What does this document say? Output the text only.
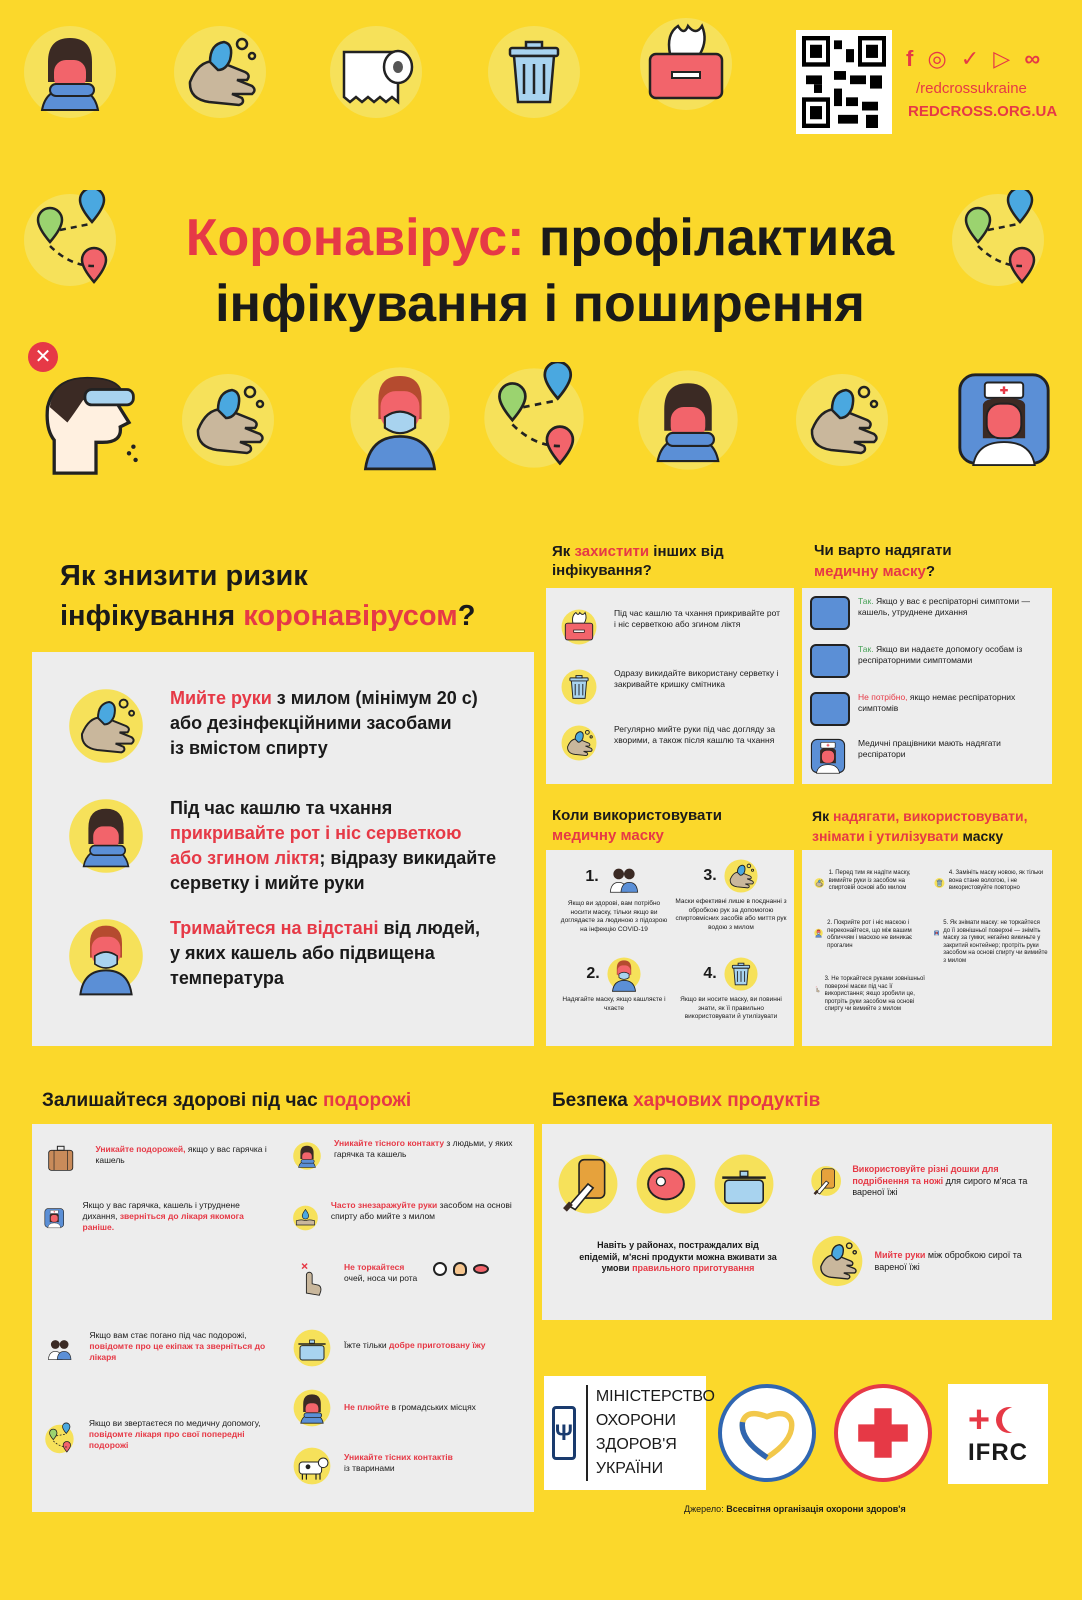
f ◎ ✓ ▷ ∞
/redcrossukraine
REDCROSS.ORG.UA
Коронавірус: профілактика
інфікування і поширення
✕
Як знизити ризик
інфікування коронавірусом?
Мийте руки з милом (мінімум 20 с)
або дезінфекційними засобами
із вмістом спирту
Під час кашлю та чхання
прикривайте рот і ніс серветкою
або згином ліктя; відразу викидайте
серветку і мийте руки
Тримайтеся на відстані від людей,
у яких кашель або підвищена
температура
Як захистити інших від
інфікування?
Під час кашлю та чхання прикривайте рот і ніс серветкою або згином ліктя
Одразу викидайте використану серветку і закривайте кришку смітника
Регулярно мийте руки під час догляду за хворими, а також після кашлю та чхання
Чи варто надягати
медичну маску?
Так. Якщо у вас є респіраторні симптоми — кашель, утруднене дихання
Так. Якщо ви надаєте допомогу особам із респіраторними симптомами
Не потрібно, якщо немає респіраторних симптомів
Медичні працівники мають надягати респіратори
Коли використовувати
медичну маску
1.
Якщо ви здорові, вам потрібно носити маску, тільки якщо ви доглядаєте за людиною з підозрою на інфекцію COVID-19
3.
Маски ефективні лише в поєднанні з обробкою рук за допомогою спиртовмісних засобів або миття рук водою з милом
2.
Надягайте маску, якщо кашляєте і чхаєте
4.
Якщо ви носите маску, ви повинні знати, як її правильно використовувати й утилізувати
Як надягати, використовувати,
знімати і утилізувати маску
1. Перед тим як надіти маску, вимийте руки із засобом на спиртовій основі або милом
4. Замініть маску новою, як тільки вона стане вологою, і не використовуйте повторно
2. Покрийте рот і ніс маскою і переконайтеся, що між вашим обличчям і маскою не виникає прогалин
5. Як знімати маску: не торкайтеся до її зовнішньої поверхні — зніміть маску за гумки; негайно викиньте у закритий контейнер; протріть руки засобом на основі спирту чи вимийте з милом
3. Не торкайтеся руками зовнішньої поверхні маски під час її використання; якщо зробили це, протріть руки засобом на основі спирту чи вимийте з милом
Залишайтеся здорові під час подорожі
Уникайте подорожей, якщо у вас гарячка і кашель
Якщо у вас гарячка, кашель і утруднене дихання, зверніться до лікаря якомога раніше.
Якщо вам стає погано під час подорожі, повідомте про це екіпаж та зверніться до лікаря
Якщо ви звертаєтеся по медичну допомогу, повідомте лікаря про свої попередні подорожі
Уникайте тісного контакту з людьми, у яких гарячка та кашель
Часто знезаражуйте руки засобом на основі спирту або мийте з милом
Не торкайтеся
очей, носа чи рота
Їжте тільки добре приготовану їжу
Не плюйте в громадських місцях
Уникайте тісних контактів
із тваринами
Безпека харчових продуктів
Навіть у районах, постраждалих від епідемій, м'ясні продукти можна вживати за умови правильного приготування
Використовуйте різні дошки для подрібнення та ножі для сирого м'яса та вареної їжі
Мийте руки між обробкою сирої та вареної їжі
Ψ
МІНІСТЕРСТВО
ОХОРОНИ
ЗДОРОВ'Я
УКРАЇНИ
+
IFRC
Джерело: Всесвітня організація охорони здоров'я
